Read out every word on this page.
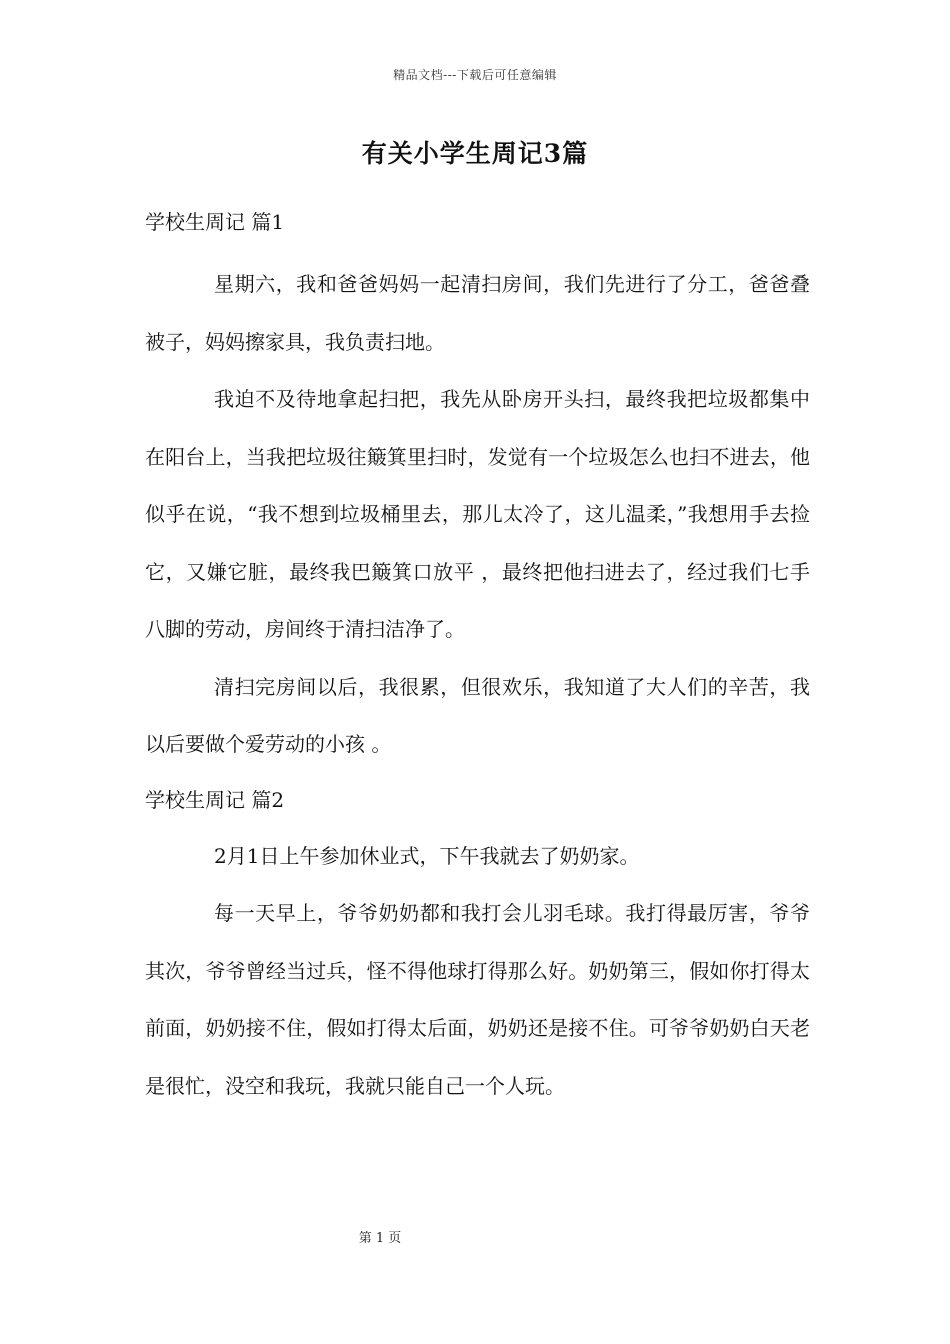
精品文档---下载后可任意编辑
有关小学生周记3篇

学校生周记 篇1

星期六，我和爸爸妈妈一起清扫房间，我们先进行了分工，爸爸叠被子，妈妈擦家具，我负责扫地。

我迫不及待地拿起扫把，我先从卧房开头扫，最终我把垃圾都集中在阳台上，当我把垃圾往簸箕里扫时，发觉有一个垃圾怎么也扫不进去，他似乎在说，“我不想到垃圾桶里去，那儿太冷了，这儿温柔，”我想用手去捡它，又嫌它脏，最终我巴簸箕口放平 ，最终把他扫进去了，经过我们七手八脚的劳动，房间终于清扫洁净了。

清扫完房间以后，我很累，但很欢乐，我知道了大人们的辛苦，我以后要做个爱劳动的小孩 。

学校生周记 篇2

2月1日上午参加休业式，下午我就去了奶奶家。

每一天早上，爷爷奶奶都和我打会儿羽毛球。我打得最厉害，爷爷其次，爷爷曾经当过兵，怪不得他球打得那么好。奶奶第三，假如你打得太前面，奶奶接不住，假如打得太后面，奶奶还是接不住。可爷爷奶奶白天老是很忙，没空和我玩，我就只能自己一个人玩。

第 1 页
